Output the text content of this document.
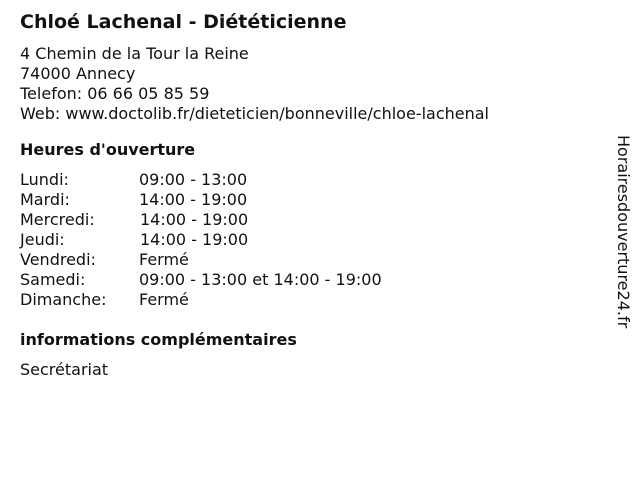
Chloé Lachenal - Diététicienne
4 Chemin de la Tour la Reine
74000 Annecy
Telefon: 06 66 05 85 59
Web: www.doctolib.fr/dieteticien/bonneville/chloe-lachenal
Heures d'ouverture
Lundi:	09:00 - 13:00
Mardi:	14:00 - 19:00
Mercredi:	14:00 - 19:00
Jeudi:	14:00 - 19:00
Vendredi:	Fermé
Samedi:	09:00 - 13:00 et 14:00 - 19:00
Dimanche:	Fermé
informations complémentaires
Secrétariat
Horairesdouverture24.fr
